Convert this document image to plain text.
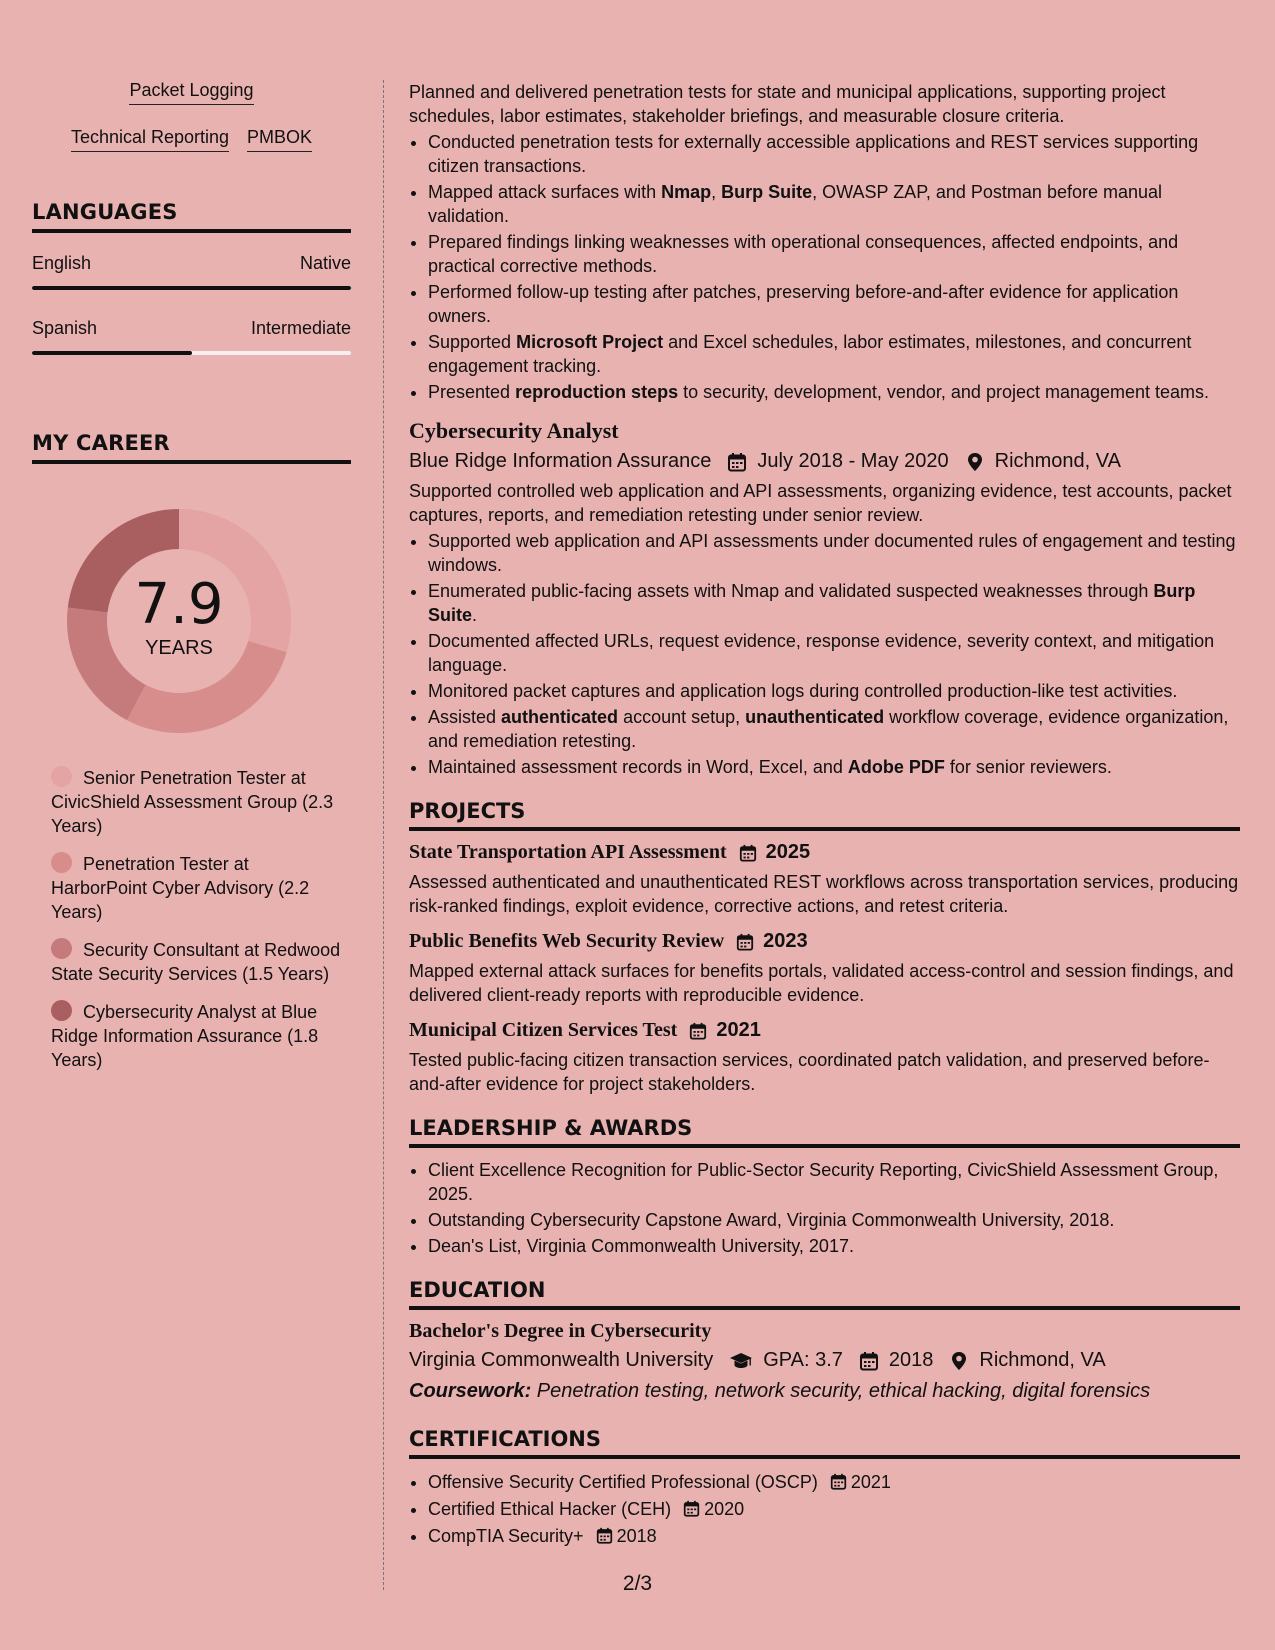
Packet Logging
Technical Reporting PMBOK
LANGUAGES
English	Native
Spanish	Intermediate
MY CAREER
7.9
YEARS
Senior Penetration Tester at CivicShield Assessment Group (2.3 Years)
Penetration Tester at HarborPoint Cyber Advisory (2.2 Years)
Security Consultant at Redwood State Security Services (1.5 Years)
Cybersecurity Analyst at Blue Ridge Information Assurance (1.8 Years)

Planned and delivered penetration tests for state and municipal applications, supporting project schedules, labor estimates, stakeholder briefings, and measurable closure criteria.

• Conducted penetration tests for externally accessible applications and REST services supporting citizen transactions.
• Mapped attack surfaces with Nmap, Burp Suite, OWASP ZAP, and Postman before manual validation.
• Prepared findings linking weaknesses with operational consequences, affected endpoints, and practical corrective methods.
• Performed follow-up testing after patches, preserving before-and-after evidence for application owners.
• Supported Microsoft Project and Excel schedules, labor estimates, milestones, and concurrent engagement tracking.
• Presented reproduction steps to security, development, vendor, and project management teams.
Cybersecurity Analyst
Blue Ridge Information Assurance July 2018 - May 2020 Richmond, VA

Supported controlled web application and API assessments, organizing evidence, test accounts, packet captures, reports, and remediation retesting under senior review.

• Supported web application and API assessments under documented rules of engagement and testing windows.
• Enumerated public-facing assets with Nmap and validated suspected weaknesses through Burp Suite.
• Documented affected URLs, request evidence, response evidence, severity context, and mitigation language.
• Monitored packet captures and application logs during controlled production-like test activities.
• Assisted authenticated account setup, unauthenticated workflow coverage, evidence organization, and remediation retesting.
• Maintained assessment records in Word, Excel, and Adobe PDF for senior reviewers.
PROJECTS
State Transportation API Assessment 2025

Assessed authenticated and unauthenticated REST workflows across transportation services, producing risk-ranked findings, exploit evidence, corrective actions, and retest criteria.

Public Benefits Web Security Review 2023

Mapped external attack surfaces for benefits portals, validated access-control and session findings, and delivered client-ready reports with reproducible evidence.

Municipal Citizen Services Test 2021

Tested public-facing citizen transaction services, coordinated patch validation, and preserved before-and-after evidence for project stakeholders.

LEADERSHIP & AWARDS
• Client Excellence Recognition for Public-Sector Security Reporting, CivicShield Assessment Group, 2025.
• Outstanding Cybersecurity Capstone Award, Virginia Commonwealth University, 2018.
• Dean's List, Virginia Commonwealth University, 2017.
EDUCATION
Bachelor's Degree in Cybersecurity
Virginia Commonwealth University	GPA: 3.7 2018 Richmond, VA
Coursework: Penetration testing, network security, ethical hacking, digital forensics
CERTIFICATIONS
• Offensive Security Certified Professional (OSCP) 2021
• Certified Ethical Hacker (CEH) 2020
• CompTIA Security+ 2018
2/3
